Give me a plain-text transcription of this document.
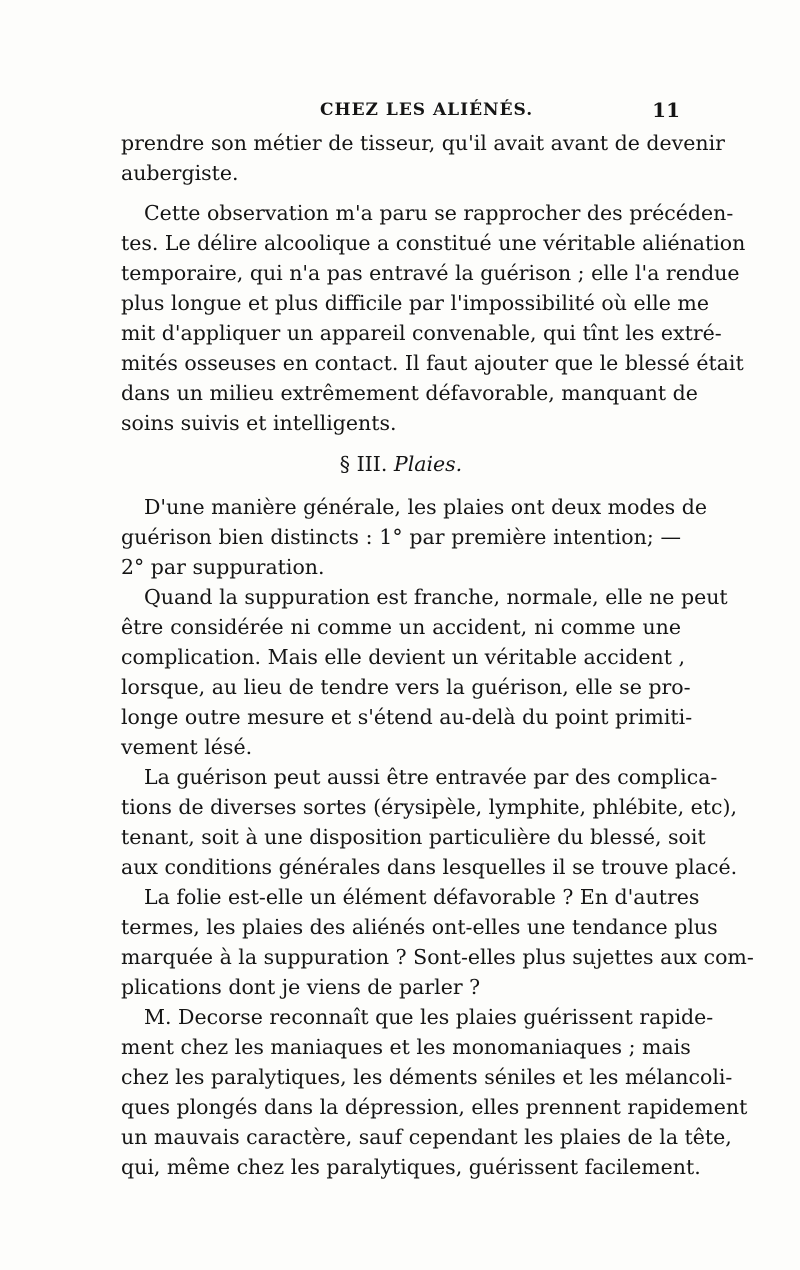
CHEZ LES ALIÉNÉS.	11
prendre son métier de tisseur, qu'il avait avant de devenir
aubergiste.
Cette observation m'a paru se rapprocher des précéden-
tes. Le délire alcoolique a constitué une véritable aliénation
temporaire, qui n'a pas entravé la guérison ; elle l'a rendue
plus longue et plus difficile par l'impossibilité où elle me
mit d'appliquer un appareil convenable, qui tînt les extré-
mités osseuses en contact. Il faut ajouter que le blessé était
dans un milieu extrêmement défavorable, manquant de
soins suivis et intelligents.
§ III. Plaies.
D'une manière générale, les plaies ont deux modes de
guérison bien distincts : 1° par première intention; —
2° par suppuration.
Quand la suppuration est franche, normale, elle ne peut
être considérée ni comme un accident, ni comme une
complication. Mais elle devient un véritable accident ,
lorsque, au lieu de tendre vers la guérison, elle se pro-
longe outre mesure et s'étend au-delà du point primiti-
vement lésé.
La guérison peut aussi être entravée par des complica-
tions de diverses sortes (érysipèle, lymphite, phlébite, etc),
tenant, soit à une disposition particulière du blessé, soit
aux conditions générales dans lesquelles il se trouve placé.
La folie est-elle un élément défavorable ? En d'autres
termes, les plaies des aliénés ont-elles une tendance plus
marquée à la suppuration ? Sont-elles plus sujettes aux com-
plications dont je viens de parler ?
M. Decorse reconnaît que les plaies guérissent rapide-
ment chez les maniaques et les monomaniaques ; mais
chez les paralytiques, les déments séniles et les mélancoli-
ques plongés dans la dépression, elles prennent rapidement
un mauvais caractère, sauf cependant les plaies de la tête,
qui, même chez les paralytiques, guérissent facilement.
